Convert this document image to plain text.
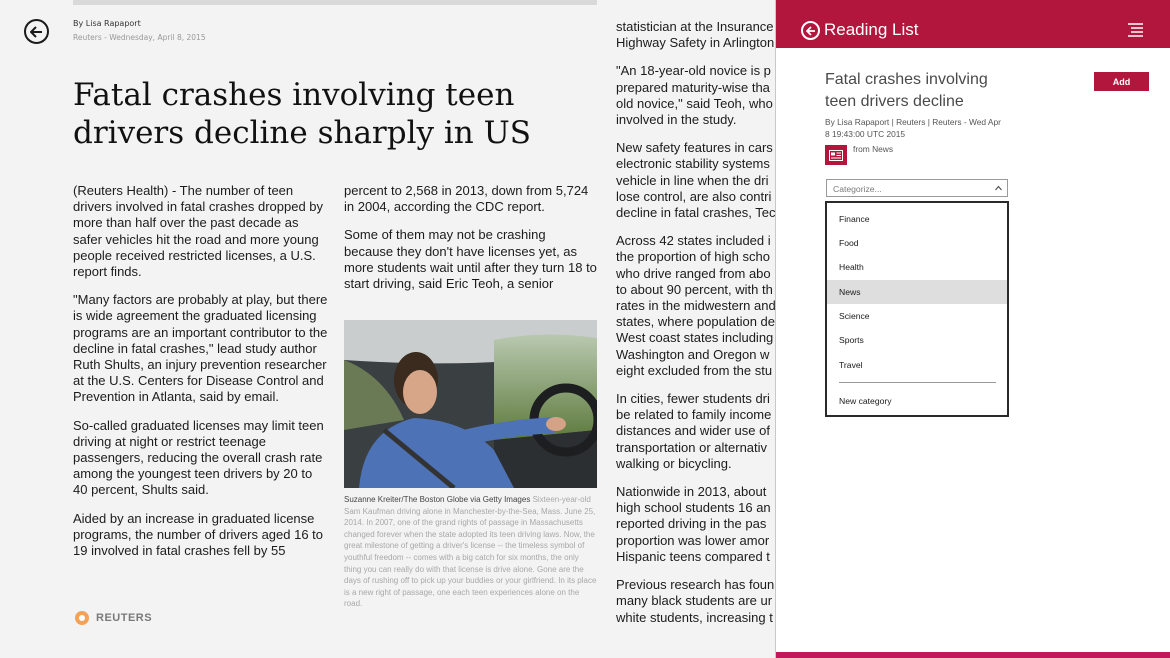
By Lisa Rapaport
Reuters - Wednesday, April 8, 2015
Fatal crashes involving teen drivers decline sharply in US

(Reuters Health) - The number of teen drivers involved in fatal crashes dropped by more than half over the past decade as safer vehicles hit the road and more young people received restricted licenses, a U.S. report finds.

"Many factors are probably at play, but there is wide agreement the graduated licensing programs are an important contributor to the decline in fatal crashes," lead study author Ruth Shults, an injury prevention researcher at the U.S. Centers for Disease Control and Prevention in Atlanta, said by email.

So-called graduated licenses may limit teen driving at night or restrict teenage passengers, reducing the overall crash rate among the youngest teen drivers by 20 to 40 percent, Shults said.

Aided by an increase in graduated license programs, the number of drivers aged 16 to 19 involved in fatal crashes fell by 55

percent to 2,568 in 2013, down from 5,724 in 2004, according the CDC report.

Some of them may not be crashing because they don't have licenses yet, as more students wait until after they turn 18 to start driving, said Eric Teoh, a senior

Suzanne Kreiter/The Boston Globe via Getty Images Sixteen-year-old Sam Kaufman driving alone in Manchester-by-the-Sea, Mass. June 25, 2014. In 2007, one of the grand rights of passage in Massachusetts changed forever when the state adopted its teen driving laws. Now, the great milestone of getting a driver's license -- the timeless symbol of youthful freedom -- comes with a big catch for six months, the only thing you can really do with that license is drive alone. Gone are the days of rushing off to pick up your buddies or your girlfriend. In its place is a new right of passage, one each teen experiences alone on the road.

statistician at the Insurance
Highway Safety in Arlington

"An 18-year-old novice is p
prepared maturity-wise tha
old novice," said Teoh, who
involved in the study.

New safety features in cars
electronic stability systems
vehicle in line when the dri
lose control, are also contri
decline in fatal crashes, Tec

Across 42 states included i
the proportion of high scho
who drive ranged from abo
to about 90 percent, with th
rates in the midwestern and
states, where population de
West coast states including
Washington and Oregon w
eight excluded from the stu

In cities, fewer students dri
be related to family income
distances and wider use of
transportation or alternativ
walking or bicycling.

Nationwide in 2013, about
high school students 16 an
reported driving in the pas
proportion was lower amor
Hispanic teens compared t

Previous research has foun
many black students are ur
white students, increasing t

REUTERS
Reading List
Fatal crashes involving teen drivers decline
Add
By Lisa Rapaport | Reuters | Reuters - Wed Apr 8 19:43:00 UTC 2015
from News
Categorize...
Finance
Food
Health
News
Science
Sports
Travel
New category
